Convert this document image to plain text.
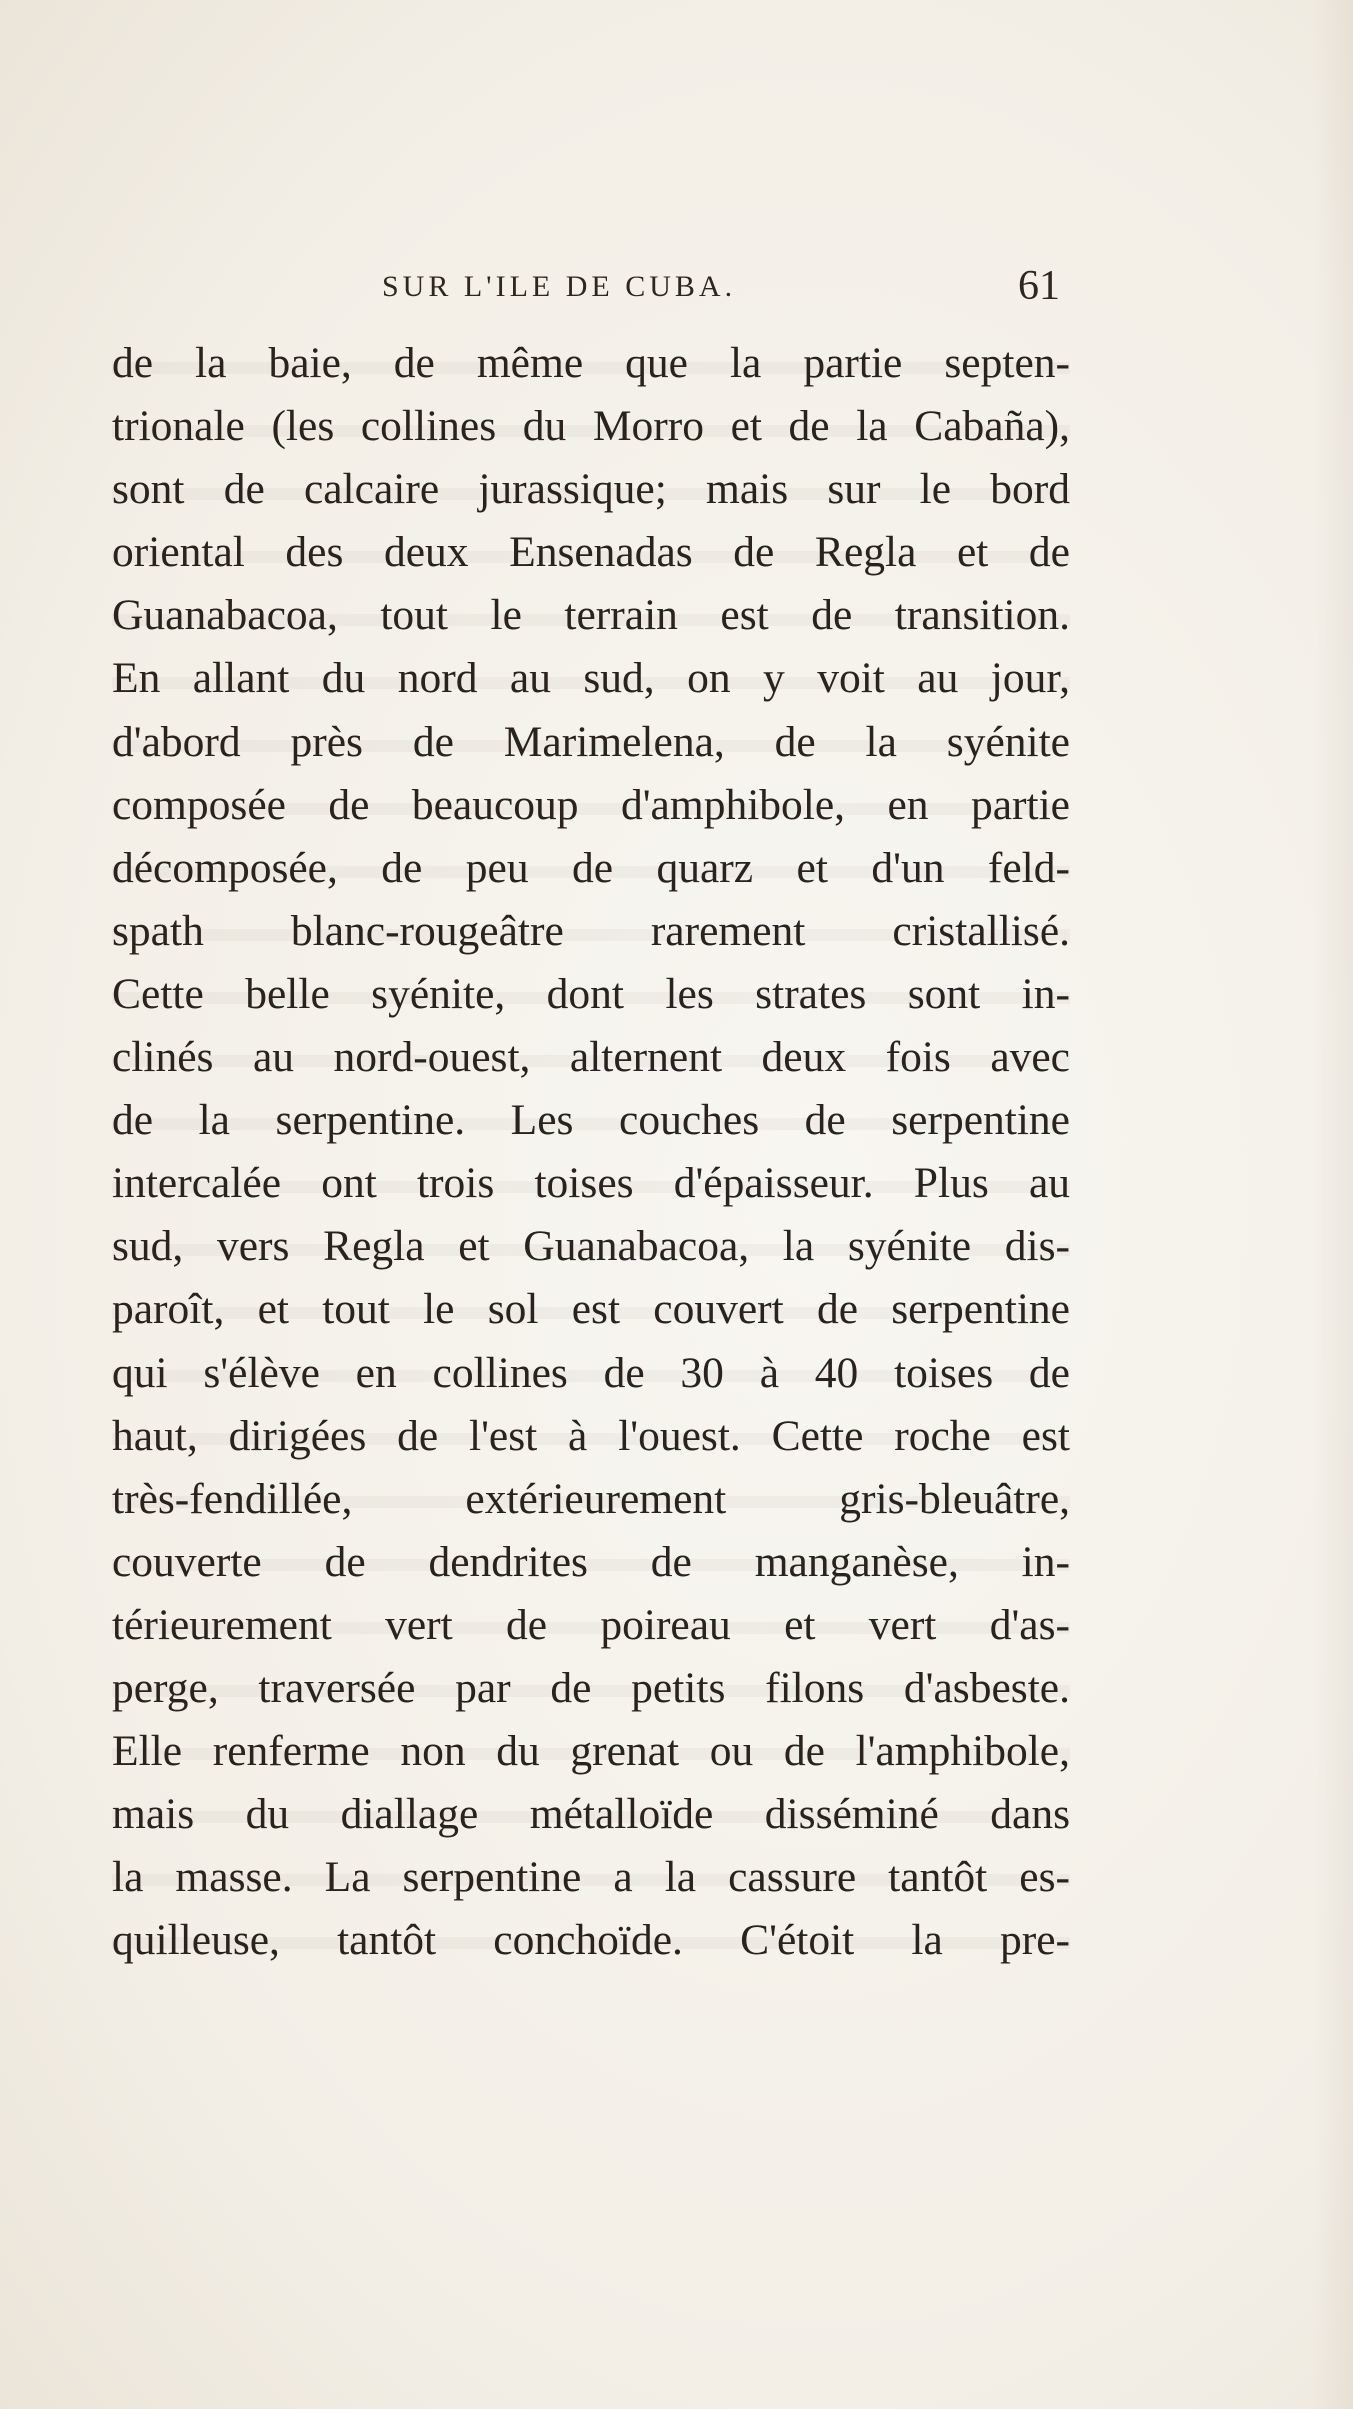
SUR L'ILE DE CUBA.	61
de la baie, de même que la partie septen-
trionale (les collines du Morro et de la Cabaña),
sont de calcaire jurassique; mais sur le bord
oriental des deux Ensenadas de Regla et de
Guanabacoa, tout le terrain est de transition.
En allant du nord au sud, on y voit au jour,
d'abord près de Marimelena, de la syénite
composée de beaucoup d'amphibole, en partie
décomposée, de peu de quarz et d'un feld-
spath blanc-rougeâtre rarement cristallisé.
Cette belle syénite, dont les strates sont in-
clinés au nord-ouest, alternent deux fois avec
de la serpentine. Les couches de serpentine
intercalée ont trois toises d'épaisseur. Plus au
sud, vers Regla et Guanabacoa, la syénite dis-
paroît, et tout le sol est couvert de serpentine
qui s'élève en collines de 30 à 40 toises de
haut, dirigées de l'est à l'ouest. Cette roche est
très-fendillée, extérieurement gris-bleuâtre,
couverte de dendrites de manganèse, in-
térieurement vert de poireau et vert d'as-
perge, traversée par de petits filons d'asbeste.
Elle renferme non du grenat ou de l'amphibole,
mais du diallage métalloïde disséminé dans
la masse. La serpentine a la cassure tantôt es-
quilleuse, tantôt conchoïde. C'étoit la pre-
